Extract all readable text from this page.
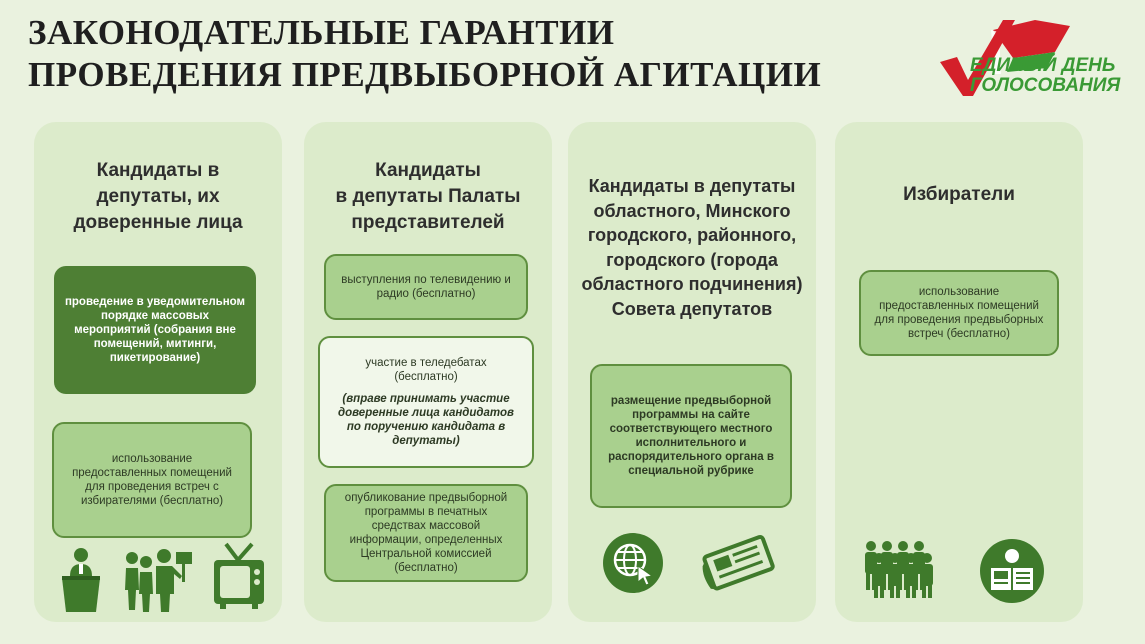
ЗАКОНОДАТЕЛЬНЫЕ ГАРАНТИИ
ПРОВЕДЕНИЯ ПРЕДВЫБОРНОЙ АГИТАЦИИ	ЕДИНЫЙ ДЕНЬ
ГОЛОСОВАНИЯ
Кандидаты в
депутаты, их
доверенные лица
проведение в уведомительном
порядке массовых
мероприятий (собрания вне
помещений, митинги,
пикетирование)
использование
предоставленных помещений
для проведения встреч с
избирателями (бесплатно)
Кандидаты
в депутаты Палаты
представителей
выступления по телевидению и
радио (бесплатно)
участие в теледебатах
(бесплатно)
(вправе принимать участие
доверенные лица кандидатов
по поручению кандидата в
депутаты)
опубликование предвыборной
программы в печатных
средствах массовой
информации, определенных
Центральной комиссией
(бесплатно)
Кандидаты в депутаты
областного, Минского
городского, районного,
городского (города
областного подчинения)
Совета депутатов
размещение предвыборной
программы на сайте
соответствующего местного
исполнительного и
распорядительного органа в
специальной рубрике
Избиратели
использование
предоставленных помещений
для проведения предвыборных
встреч (бесплатно)
